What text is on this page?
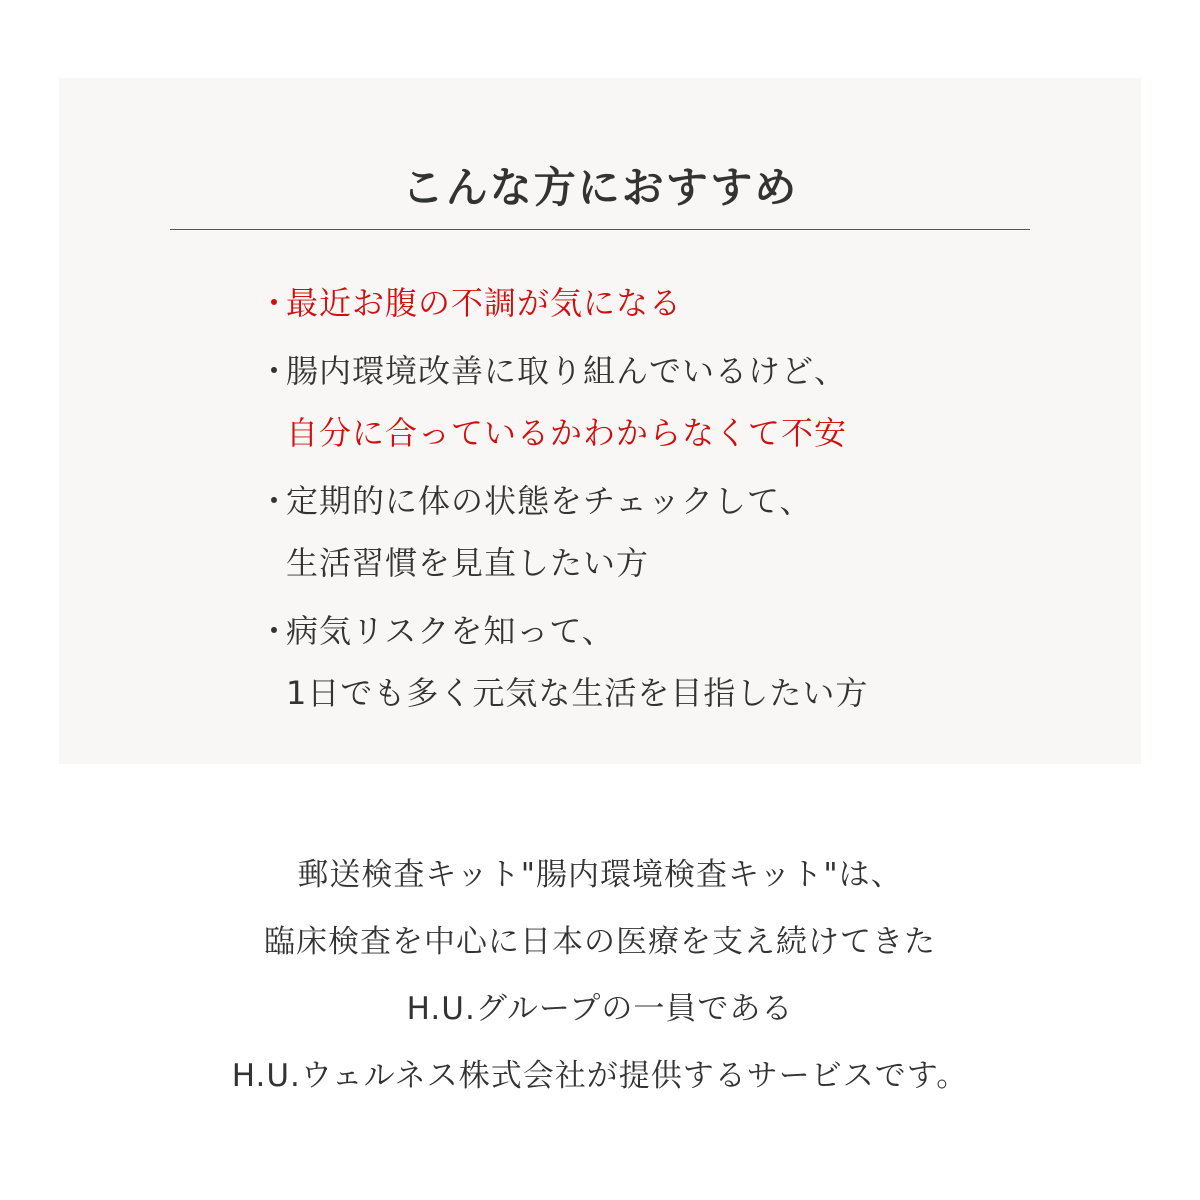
こんな方におすすめ
・
最近お腹の不調が気になる
・
腸内環境改善に取り組んでいるけど、
自分に合っているかわからなくて不安
・
定期的に体の状態をチェックして、
生活習慣を見直したい方
・
病気リスクを知って、
1日でも多く元気な生活を目指したい方
郵送検査キット"腸内環境検査キット"は、
臨床検査を中心に日本の医療を支え続けてきた
H.U.グループの一員である
H.U.ウェルネス株式会社が提供するサービスです。
